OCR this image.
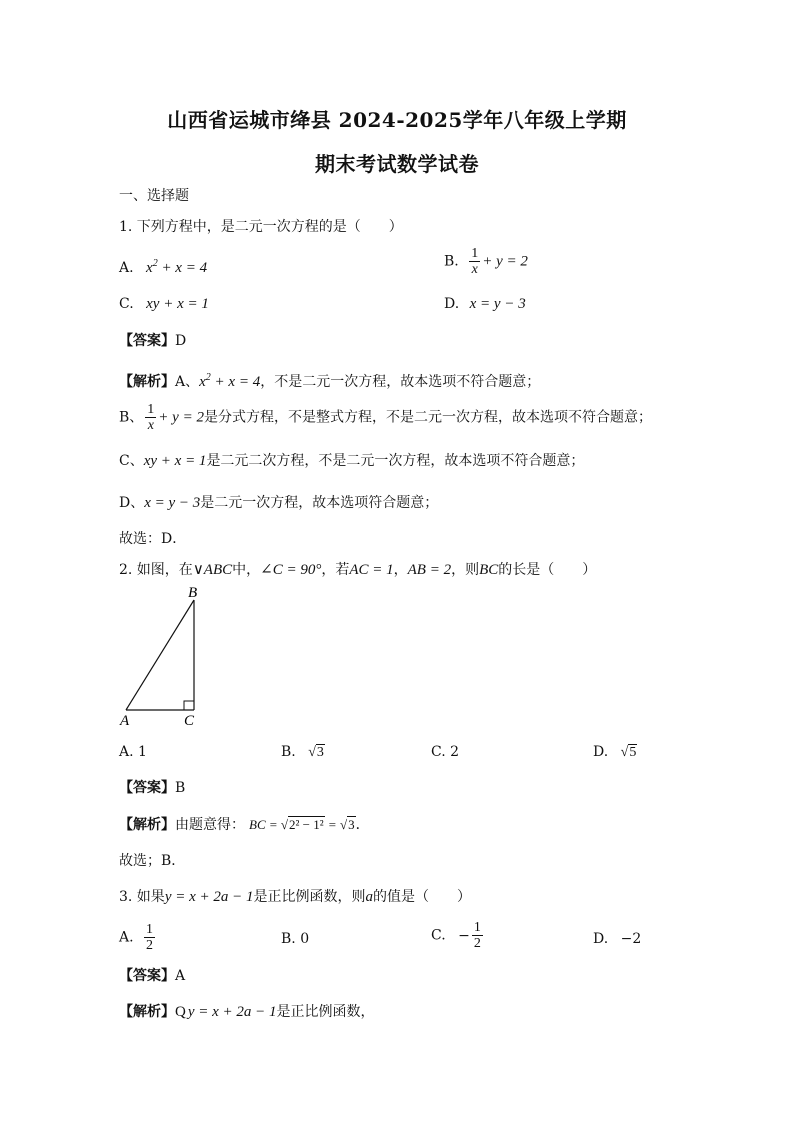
山西省运城市绛县 2024-2025学年八年级上学期
期末考试数学试卷
一、选择题
1. 下列方程中，是二元一次方程的是（　　）
A. $x^2 + x = 4$	B. $\frac{1}{x} + y = 2$
C. xy + x = 1	D. x = y − 3
【答案】D
【解析】A、$x^2 + x = 4$，不是二元一次方程，故本选项不符合题意；
B、 $\frac{1}{x} + y = 2$是分式方程，不是整式方程，不是二元一次方程，故本选项不符合题意；
C、xy + x = 1是二元二次方程，不是二元一次方程，故本选项不符合题意；
D、x = y − 3是二元一次方程，故本选项符合题意；
故选：D．
2. 如图，在∨ABC中，∠C = 90°，若AC = 1，AB = 2，则BC的长是（　　）
B
A	C
A. 1	B. √3	C. 2	D. √5
【答案】B
【解析】由题意得： BC = √2² − 1² = √3．
故选；B．
3. 如果y = x + 2a − 1是正比例函数，则a的值是（　　）
A. $\frac{1}{2}$	B. 0	C. − $\frac{1}{2}$	D. −2
【答案】A
【解析】Q y = x + 2a − 1是正比例函数，
